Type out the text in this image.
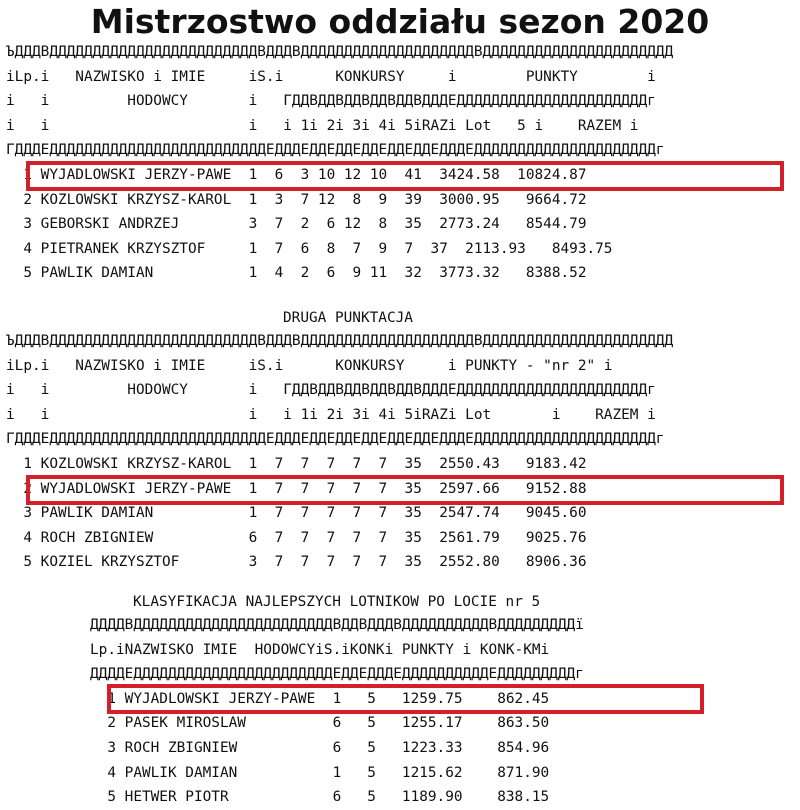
Mistrzostwo oddziału sezon 2020
ЪДДДВДДДДДДДДДДДДДДДДДДДДДДДДВДДДВДДДДДДДДДДДДДДДДДДДДВДДДДДДДДДДДДДДДДДДДДДД
iLp.i   NAZWISKO i IMIE     iS.i      KONKURSY     i        PUNKTY        i
i   i         HODOWCY       i   ГДДВДДВДДВДДВДДВДДДЕДДДДДДДДДДДДДДДДДДДДДДг
i   i                       i   i 1i 2i 3i 4i 5iRAZi Lot   5 i    RAZEM i
ГДДДЕДДДДДДДДДДДДДДДДДДДДДДДДДЕДДДЕДДЕДДЕДДЕДДЕДДЕДДДЕДДДДДДДДДДДДДДДДДДДДДг
1 WYJADLOWSKI JERZY-PAWE  1  6  3 10 12 10  41  3424.58  10824.87
2 KOZLOWSKI KRZYSZ-KAROL  1  3  7 12  8  9  39  3000.95   9664.72
3 GEBORSKI ANDRZEJ        3  7  2  6 12  8  35  2773.24   8544.79
4 PIETRANEK KRZYSZTOF     1  7  6  8  7  9  7  37  2113.93   8493.75
5 PAWLIK DAMIAN           1  4  2  6  9 11  32  3773.32   8388.52
DRUGA PUNKTACJA
ЪДДДВДДДДДДДДДДДДДДДДДДДДДДДДВДДДВДДДДДДДДДДДДДДДДДДДДВДДДДДДДДДДДДДДДДДДДДДД
iLp.i   NAZWISKO i IMIE     iS.i      KONKURSY     i PUNKTY - "nr 2" i
i   i         HODOWCY       i   ГДДВДДВДДВДДВДДВДДДЕДДДДДДДДДДДДДДДДДДДДДДг
i   i                       i   i 1i 2i 3i 4i 5iRAZi Lot       i    RAZEM i
ГДДДЕДДДДДДДДДДДДДДДДДДДДДДДДДЕДДДЕДДЕДДЕДДЕДДЕДДЕДДДЕДДДДДДДДДДДДДДДДДДДДДг
1 KOZLOWSKI KRZYSZ-KAROL  1  7  7  7  7  7  35  2550.43   9183.42
2 WYJADLOWSKI JERZY-PAWE  1  7  7  7  7  7  35  2597.66   9152.88
3 PAWLIK DAMIAN           1  7  7  7  7  7  35  2547.74   9045.60
4 ROCH ZBIGNIEW           6  7  7  7  7  7  35  2561.79   9025.76
5 KOZIEL KRZYSZTOF        3  7  7  7  7  7  35  2552.80   8906.36
KLASYFIKACJA NAJLEPSZYCH LOTNIKOW PO LOCIE nr 5
ДДДДВДДДДДДДДДДДДДДДДДДДДДДДВДДВДДДВДДДДДДДДДДВДДДДДДДДДї
Lp.iNAZWISKO IMIE  HODOWCYiS.iKONKi PUNKTY i KONK-KMi
ДДДДЕДДДДДДДДДДДДДДДДДДДДДДДЕДДЕДДДЕДДДДДДДДДДЕДДДДДДДДДг
1 WYJADLOWSKI JERZY-PAWE  1   5   1259.75    862.45
2 PASEK MIROSLAW          6   5   1255.17    863.50
3 ROCH ZBIGNIEW           6   5   1223.33    854.96
4 PAWLIK DAMIAN           1   5   1215.62    871.90
5 HETWER PIOTR            6   5   1189.90    838.15
